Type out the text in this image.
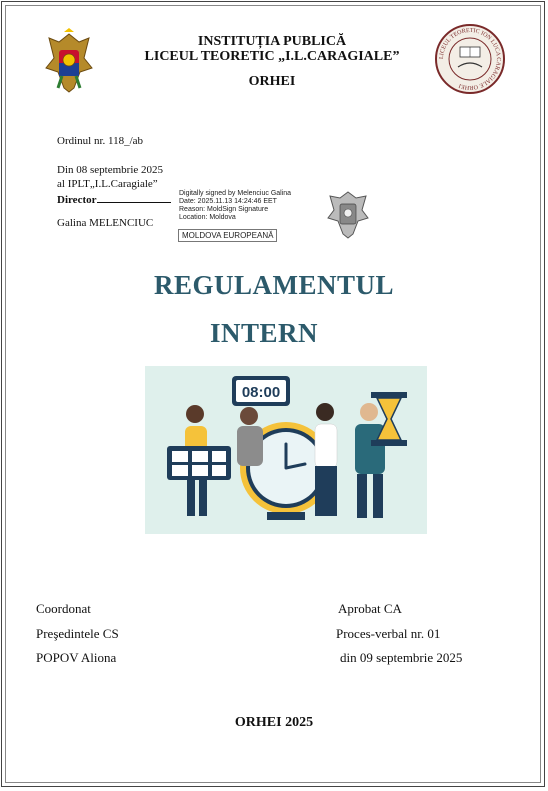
INSTITUȚIA PUBLICĂ
LICEUL TEORETIC „I.L.CARAGIALE”
ORHEI
LICEUL TEORETIC ION LUCA CARAGIALE ORHEI
Ordinul nr. 118_/ab
Din 08 septembrie 2025
al IPLT„I.L.Caragiale”
Director
Galina MELENCIUC
Digitally signed by Melenciuc Galina
Date: 2025.11.13 14:24:46 EET
Reason: MoldSign Signature
Location: Moldova
MOLDOVA EUROPEANĂ
REGULAMENTUL
INTERN
08:00
Coordonat
Preşedintele CS
POPOV Aliona
Aprobat CA
Proces-verbal nr. 01
din 09 septembrie 2025
ORHEI 2025
